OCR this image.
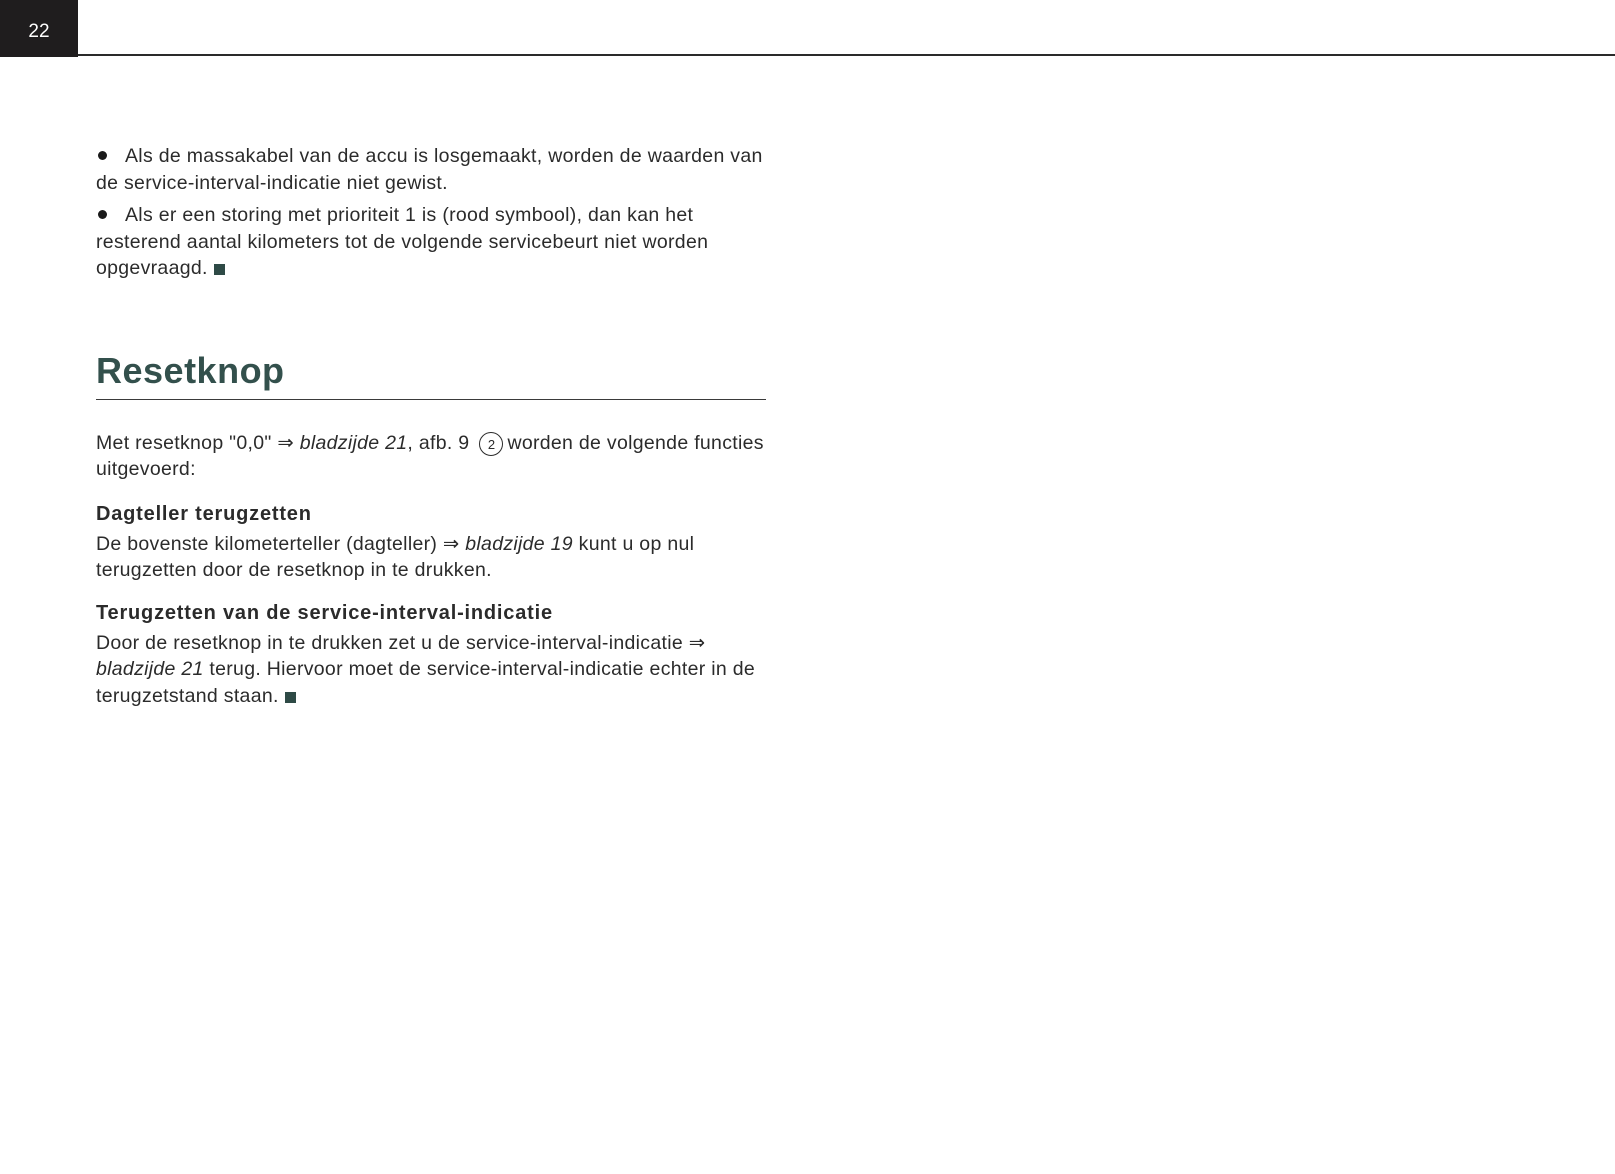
22

Als de massakabel van de accu is losgemaakt, worden de waarden van de service-interval-indicatie niet gewist.

Als er een storing met prioriteit 1 is (rood symbool), dan kan het resterend aantal kilometers tot de volgende servicebeurt niet worden opgevraagd.

Resetknop

Met resetknop "0,0" ⇒ bladzijde 21, afb. 9 2 worden de volgende functies uitgevoerd:

Dagteller terugzetten

De bovenste kilometerteller (dagteller) ⇒ bladzijde 19 kunt u op nul terugzetten door de resetknop in te drukken.

Terugzetten van de service-interval-indicatie

Door de resetknop in te drukken zet u de service-interval-indicatie ⇒ bladzijde 21 terug. Hiervoor moet de service-interval-indicatie echter in de terugzetstand staan.
